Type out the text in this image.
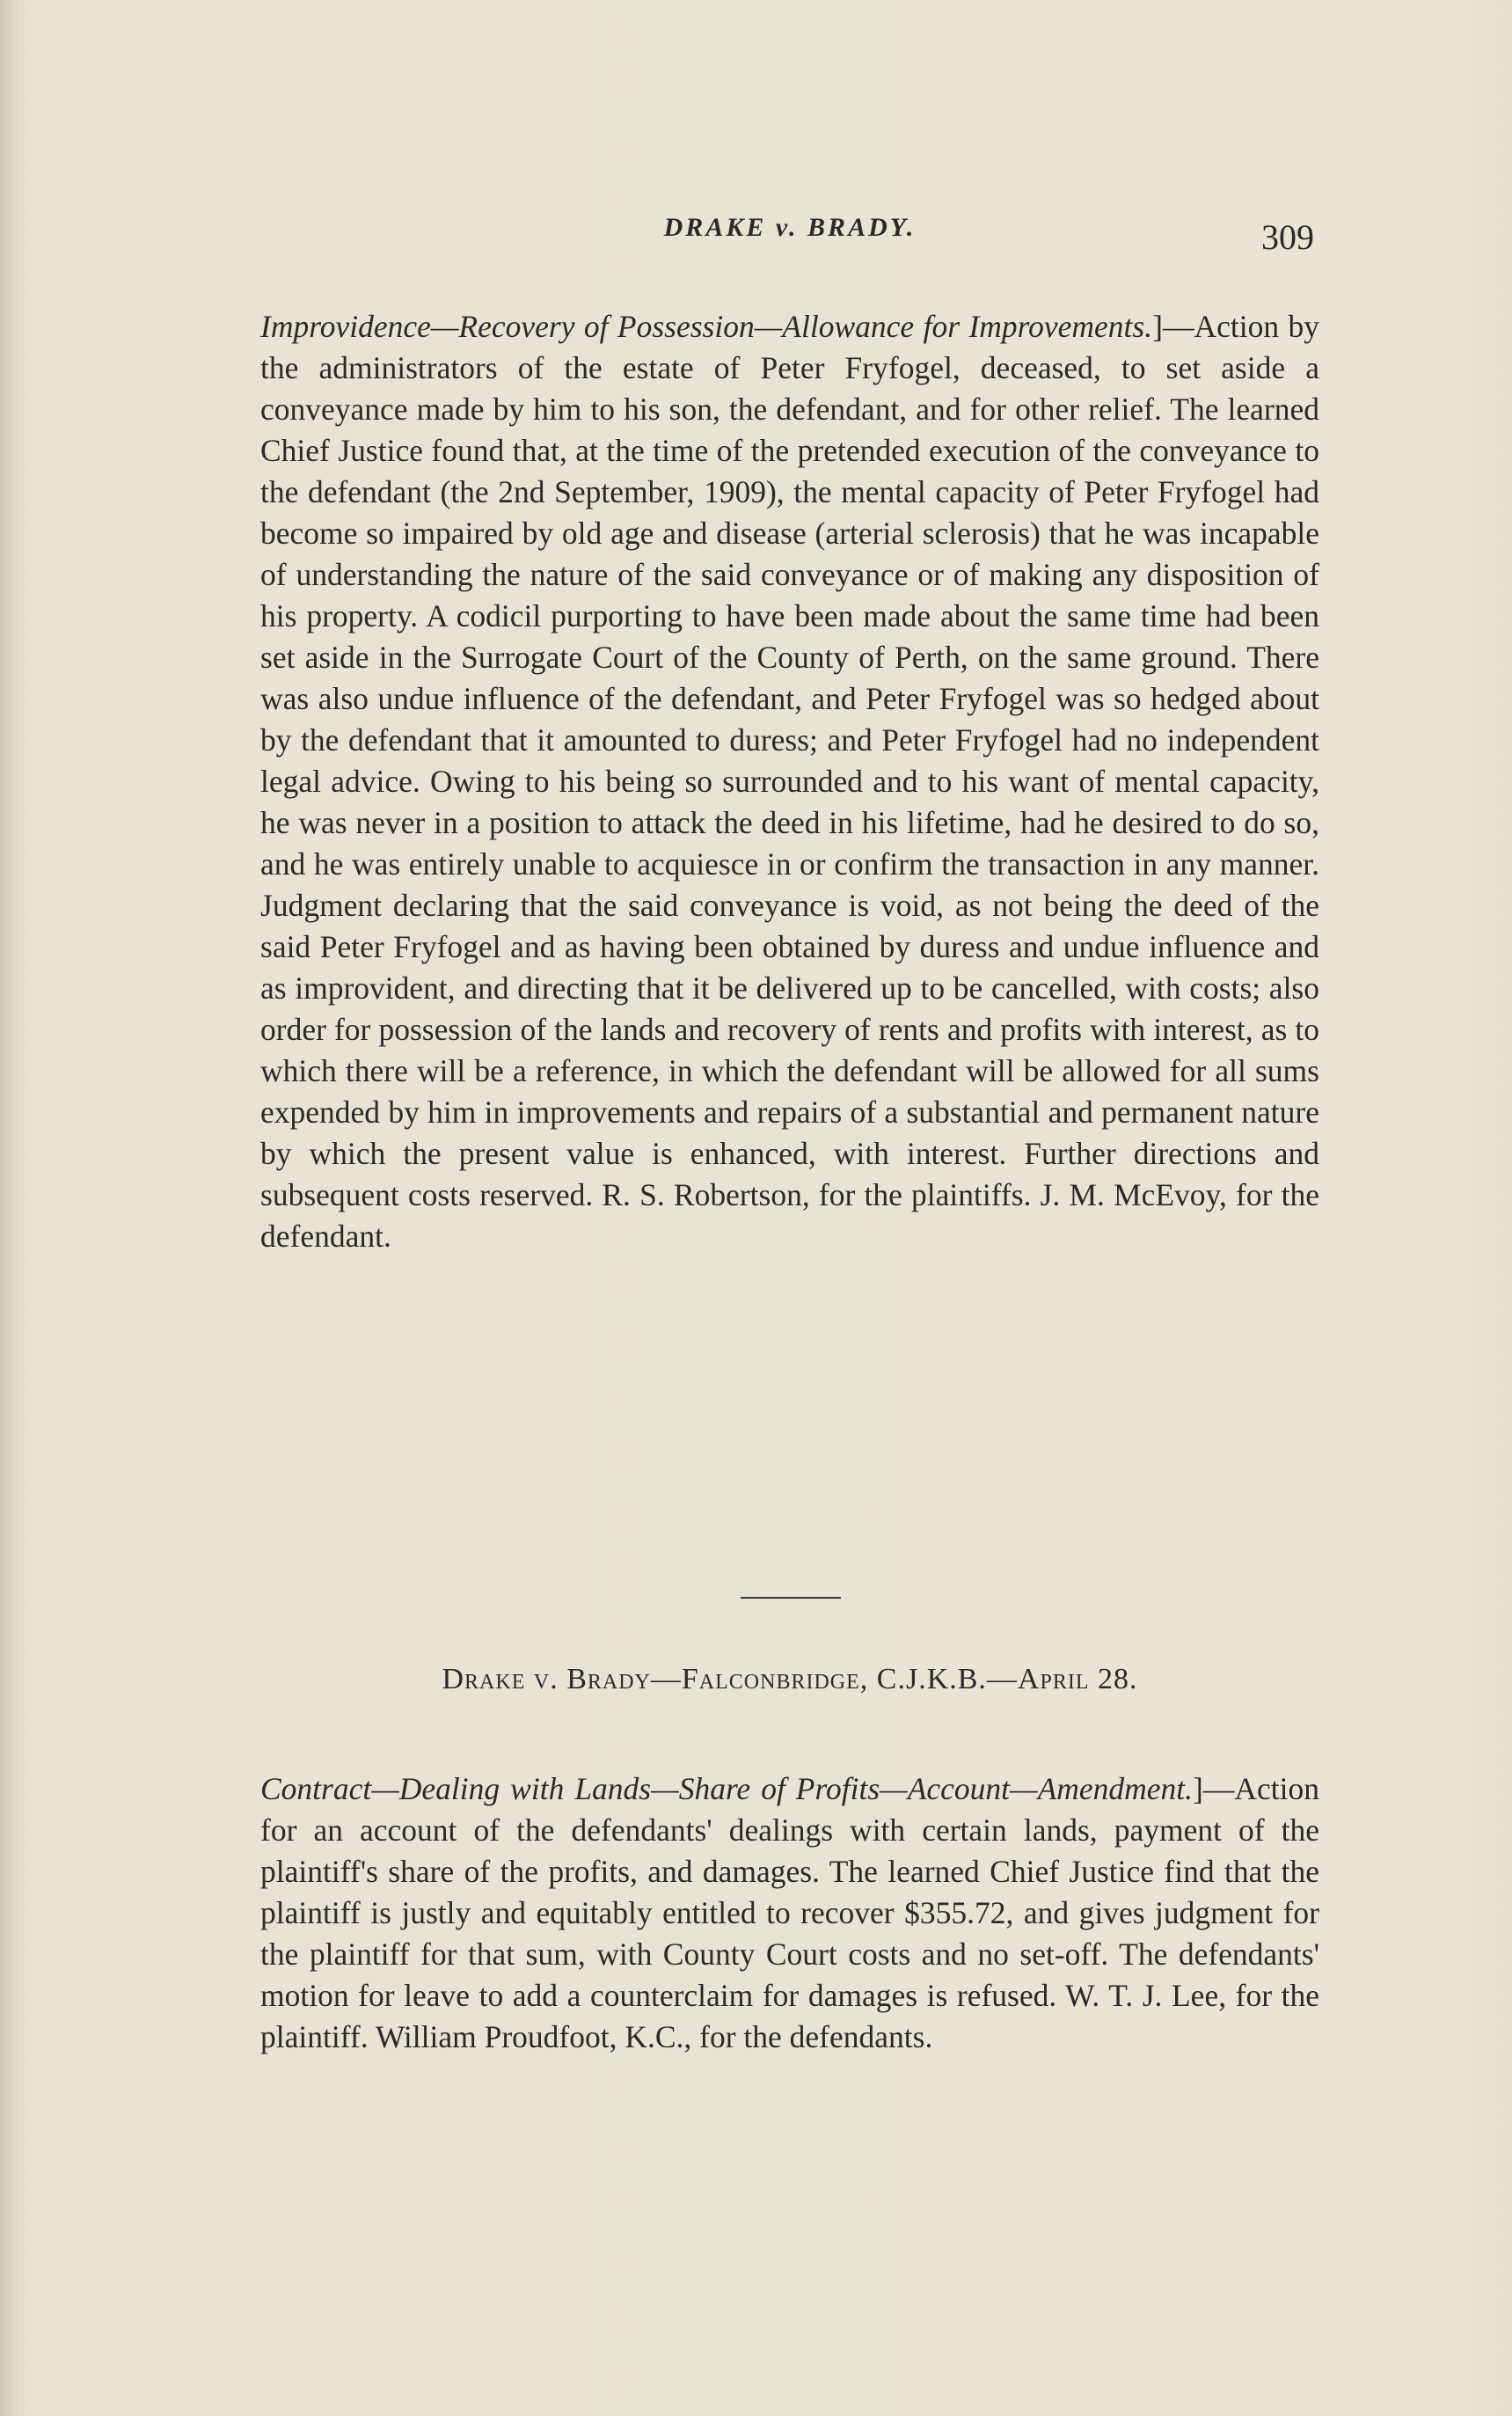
DRAKE v. BRADY.	309

Improvidence—Recovery of Possession—Allowance for Improvements.]—Action by the administrators of the estate of Peter Fryfogel, deceased, to set aside a conveyance made by him to his son, the defendant, and for other relief. The learned Chief Justice found that, at the time of the pretended execution of the conveyance to the defendant (the 2nd September, 1909), the mental capacity of Peter Fryfogel had become so impaired by old age and disease (arterial sclerosis) that he was incapable of understanding the nature of the said conveyance or of making any disposition of his property. A codicil purporting to have been made about the same time had been set aside in the Surrogate Court of the County of Perth, on the same ground. There was also undue influence of the defendant, and Peter Fryfogel was so hedged about by the defendant that it amounted to duress; and Peter Fryfogel had no independent legal advice. Owing to his being so surrounded and to his want of mental capacity, he was never in a position to attack the deed in his lifetime, had he desired to do so, and he was entirely unable to acquiesce in or confirm the transaction in any manner. Judgment declaring that the said conveyance is void, as not being the deed of the said Peter Fryfogel and as having been obtained by duress and undue influence and as improvident, and directing that it be delivered up to be cancelled, with costs; also order for possession of the lands and recovery of rents and profits with interest, as to which there will be a reference, in which the defendant will be allowed for all sums expended by him in improvements and repairs of a substantial and permanent nature by which the present value is enhanced, with interest. Further directions and subsequent costs reserved. R. S. Robertson, for the plaintiffs. J. M. McEvoy, for the defendant.

Drake v. Brady—Falconbridge, C.J.K.B.—April 28.

Contract—Dealing with Lands—Share of Profits—Account—Amendment.]—Action for an account of the defendants' dealings with certain lands, payment of the plaintiff's share of the profits, and damages. The learned Chief Justice find that the plaintiff is justly and equitably entitled to recover $355.72, and gives judgment for the plaintiff for that sum, with County Court costs and no set-off. The defendants' motion for leave to add a counterclaim for damages is refused. W. T. J. Lee, for the plaintiff. William Proudfoot, K.C., for the defendants.
